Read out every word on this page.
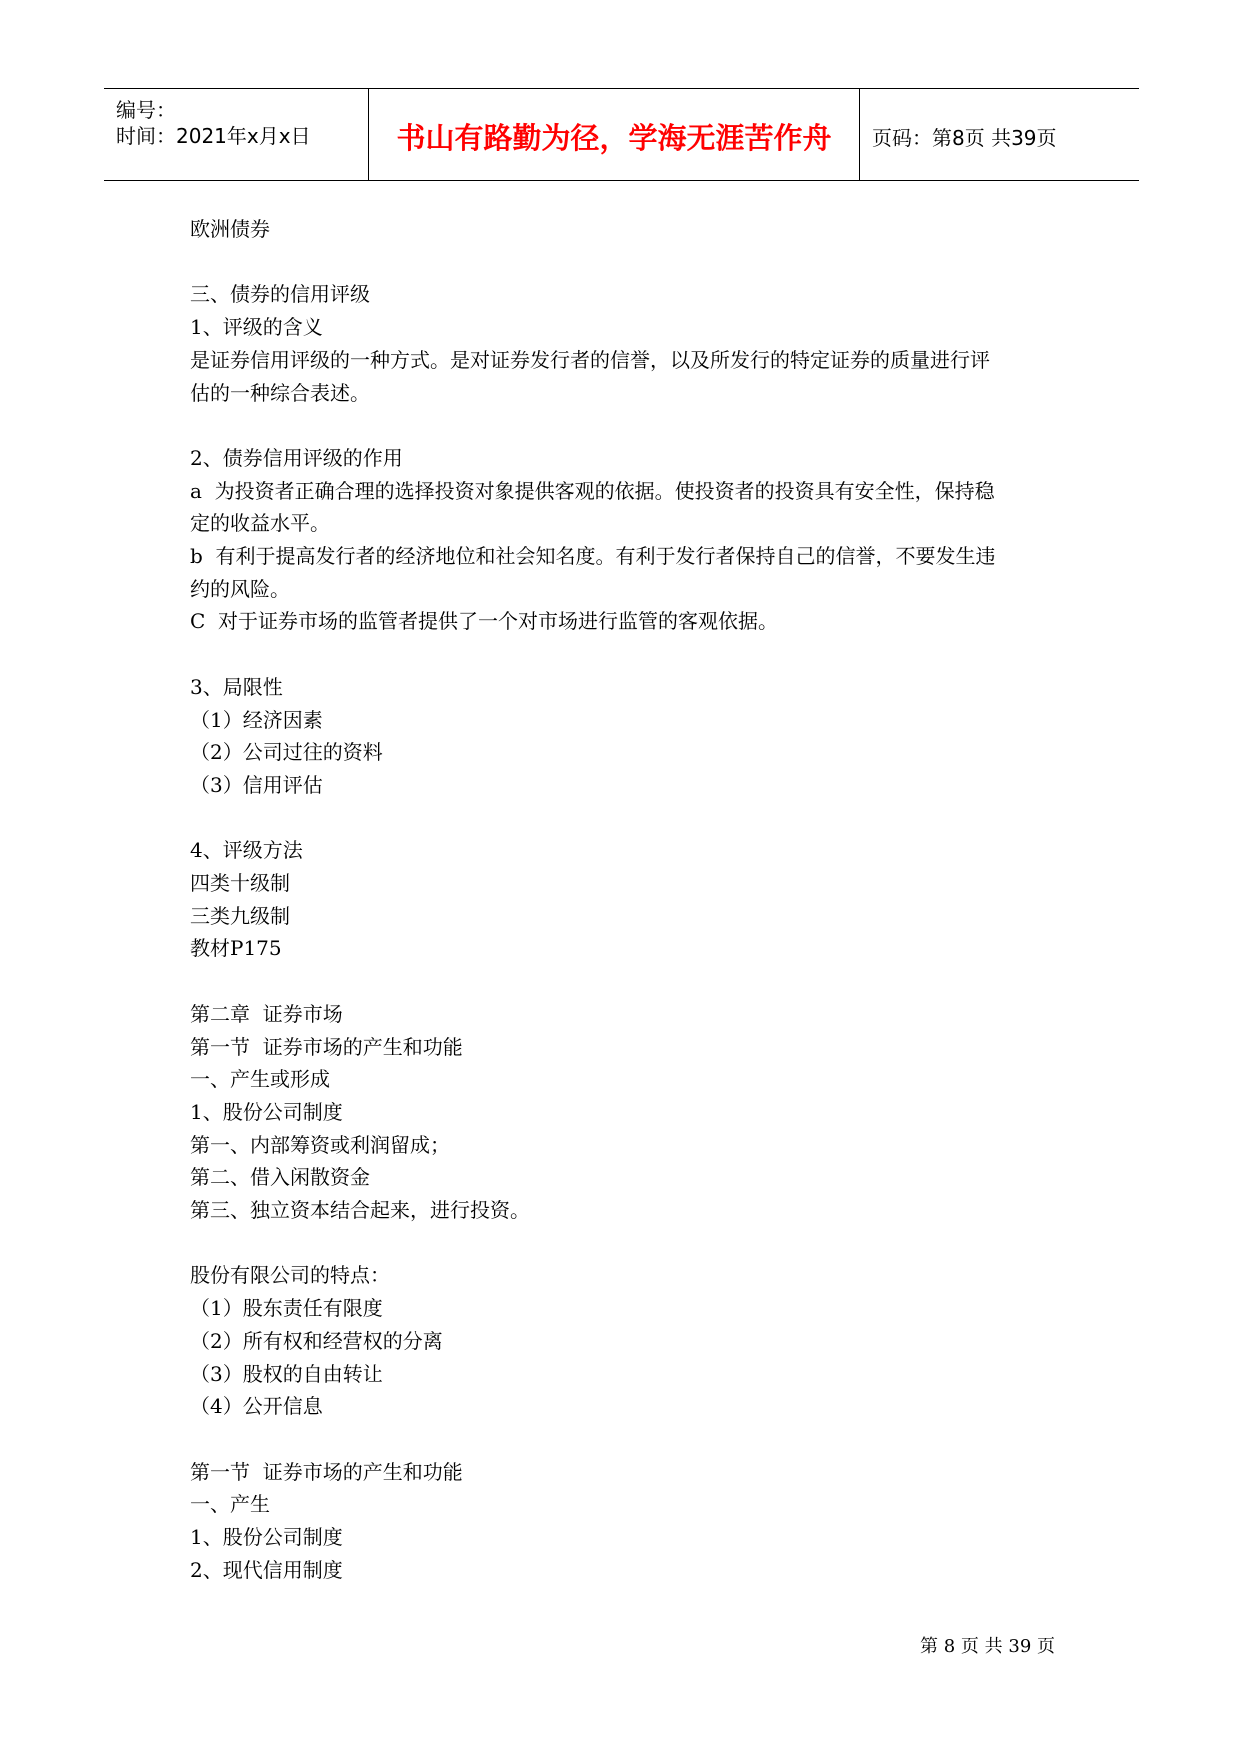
编号：
时间：2021年x月x日	书山有路勤为径，学海无涯苦作舟	页码：第8页 共39页

欧洲债券

三、债券的信用评级

1、评级的含义

是证券信用评级的一种方式。是对证券发行者的信誉，以及所发行的特定证券的质量进行评

估的一种综合表述。

2、债券信用评级的作用

a  为投资者正确合理的选择投资对象提供客观的依据。使投资者的投资具有安全性，保持稳

定的收益水平。

b  有利于提高发行者的经济地位和社会知名度。有利于发行者保持自己的信誉，不要发生违

约的风险。

C  对于证券市场的监管者提供了一个对市场进行监管的客观依据。

3、局限性

（1）经济因素

（2）公司过往的资料

（3）信用评估

4、评级方法

四类十级制

三类九级制

教材P175

第二章  证券市场

第一节  证券市场的产生和功能

一、产生或形成

1、股份公司制度

第一、内部筹资或利润留成；

第二、借入闲散资金

第三、独立资本结合起来，进行投资。

股份有限公司的特点：

（1）股东责任有限度

（2）所有权和经营权的分离

（3）股权的自由转让

（4）公开信息

第一节  证券市场的产生和功能

一、产生

1、股份公司制度

2、现代信用制度

第 8 页 共 39 页
